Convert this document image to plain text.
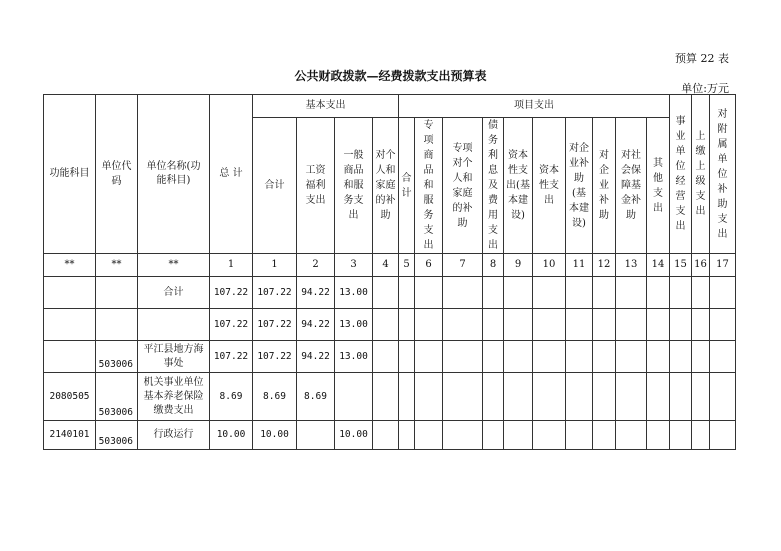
预算 22 表
公共财政拨款—经费拨款支出预算表
单位:万元
功能科目	单位代码	单位名称(功能科目)	总 计	基本支出				项目支出										事业单位经营支出	上缴上级支出	对附属单位补助支出
				合计	工资福利支出	一般商品和服务支出	对个人和家庭的补助	合计	专项商品和服务支出	专项对个人和家庭的补助	债务利息及费用支出	资本性支出(基本建设)	资本性支出	对企业补助(基本建设)	对企业补助	对社会保障基金补助	其他支出			
**	**	**	1	1	2	3	4	5	6	7	8	9	10	11	12	13	14	15	16	17
		合计	107.22	107.22	94.22	13.00														
			107.22	107.22	94.22	13.00														
	503006	平江县地方海事处	107.22	107.22	94.22	13.00														
2080505	503006	机关事业单位基本养老保险缴费支出	8.69	8.69	8.69															
2140101	503006	行政运行	10.00	10.00		10.00														
